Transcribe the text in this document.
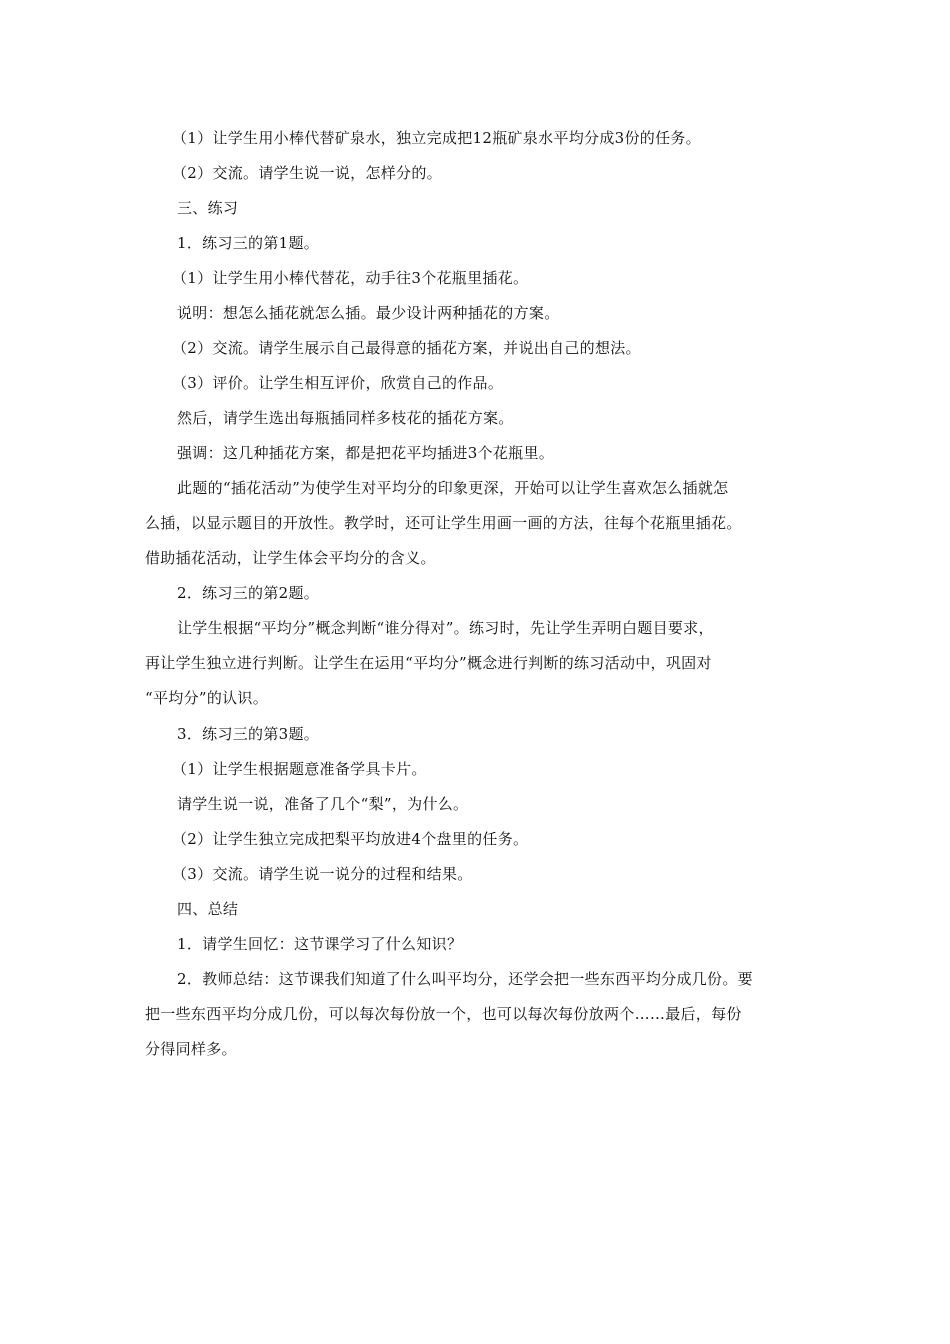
（1）让学生用小棒代替矿泉水，独立完成把12瓶矿泉水平均分成3份的任务。
（2）交流。请学生说一说，怎样分的。
三、练习
1．练习三的第1题。
（1）让学生用小棒代替花，动手往3个花瓶里插花。
说明：想怎么插花就怎么插。最少设计两种插花的方案。
（2）交流。请学生展示自己最得意的插花方案，并说出自己的想法。
（3）评价。让学生相互评价，欣赏自己的作品。
然后，请学生选出每瓶插同样多枝花的插花方案。
强调：这几种插花方案，都是把花平均插进3个花瓶里。
此题的“插花活动”为使学生对平均分的印象更深，开始可以让学生喜欢怎么插就怎
么插，以显示题目的开放性。教学时，还可让学生用画一画的方法，往每个花瓶里插花。
借助插花活动，让学生体会平均分的含义。
2．练习三的第2题。
让学生根据“平均分”概念判断“谁分得对”。练习时，先让学生弄明白题目要求，
再让学生独立进行判断。让学生在运用“平均分”概念进行判断的练习活动中，巩固对
“平均分”的认识。
3．练习三的第3题。
（1）让学生根据题意准备学具卡片。
请学生说一说，准备了几个“梨”，为什么。
（2）让学生独立完成把梨平均放进4个盘里的任务。
（3）交流。请学生说一说分的过程和结果。
四、总结
1．请学生回忆：这节课学习了什么知识？
2．教师总结：这节课我们知道了什么叫平均分，还学会把一些东西平均分成几份。要
把一些东西平均分成几份，可以每次每份放一个，也可以每次每份放两个……最后，每份
分得同样多。
